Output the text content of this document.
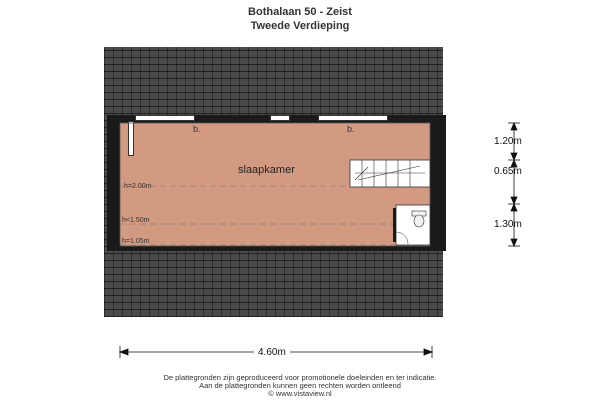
Bothalaan 50 - Zeist
Tweede Verdieping
b.	b.
slaapkamer
h=2.00m
h<1.50m
h=1.05m
1.20m
0.65m
1.30m
4.60m
De plattegronden zijn geproduceerd voor promotionele doeleinden en ter indicatie.
Aan de plattegronden kunnen geen rechten worden ontleend
© www.vistaview.nl
